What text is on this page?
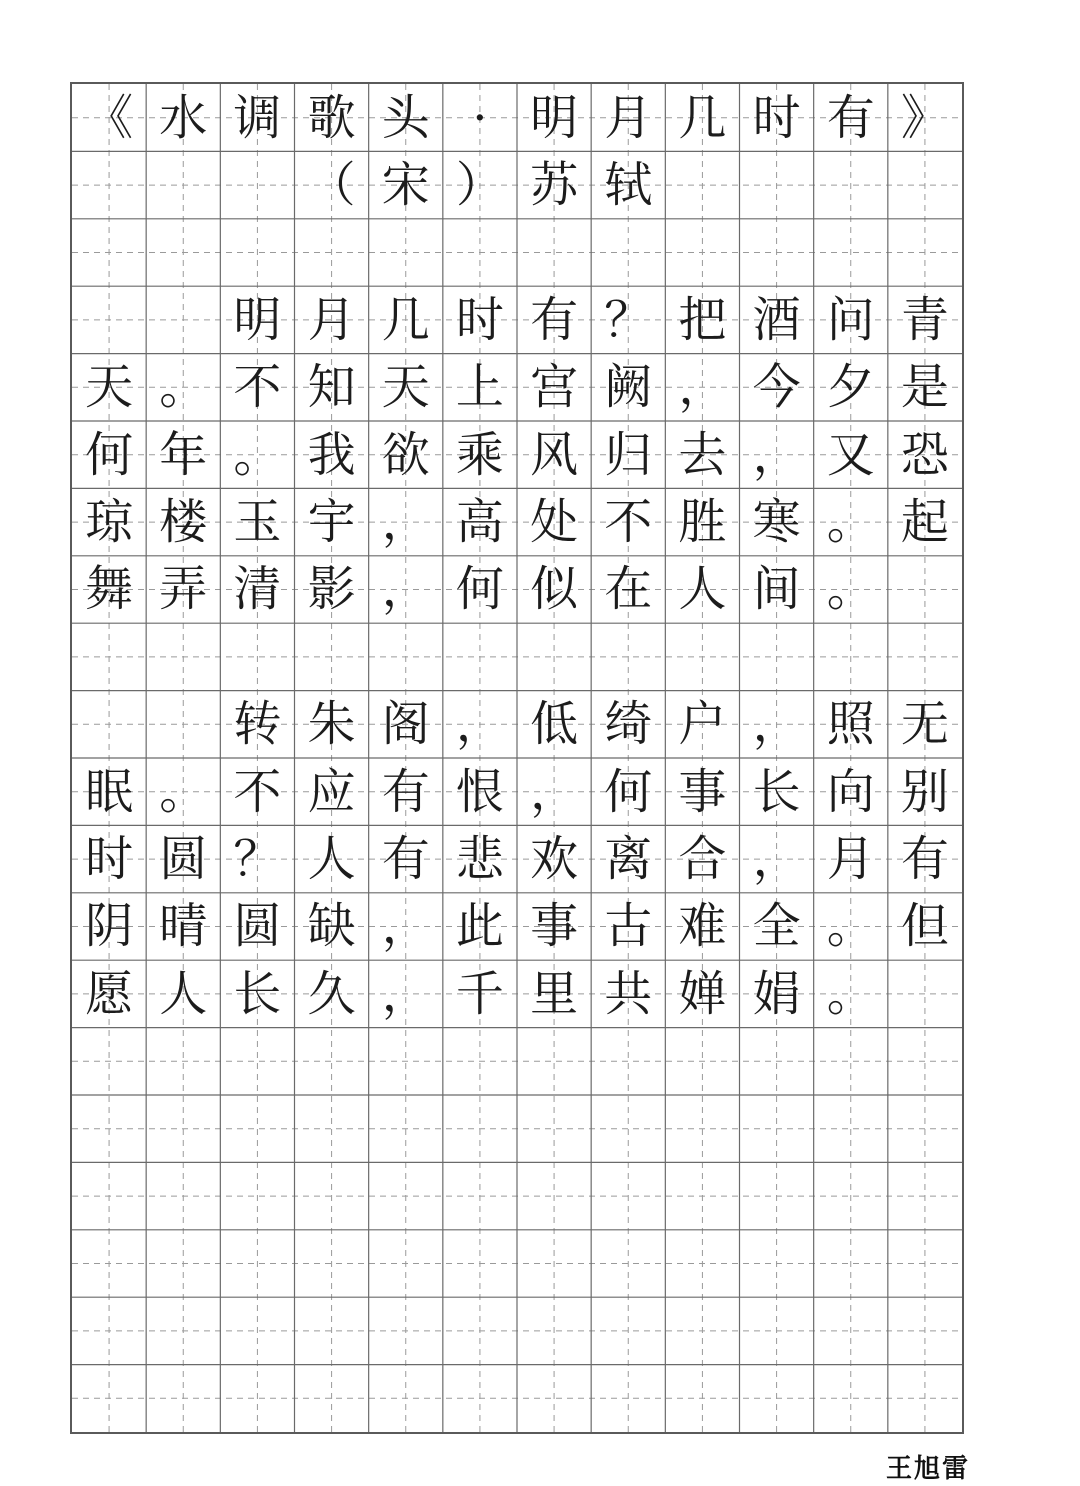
《 水 调 歌 头 · 明 月 几 时 有 》
（ 宋 ） 苏 轼
明 月 几 时 有 ？ 把 酒 问 青
天 。 不 知 天 上 宫 阙 ， 今 夕 是
何 年 。 我 欲 乘 风 归 去 ， 又 恐
琼 楼 玉 宇 ， 高 处 不 胜 寒 。 起
舞 弄 清 影 ， 何 似 在 人 间 。
转 朱 阁 ， 低 绮 户 ， 照 无
眠 。 不 应 有 恨 ， 何 事 长 向 别
时 圆 ？ 人 有 悲 欢 离 合 ， 月 有
阴 晴 圆 缺 ， 此 事 古 难 全 。 但
愿 人 长 久 ， 千 里 共 婵 娟 。
王旭雷
